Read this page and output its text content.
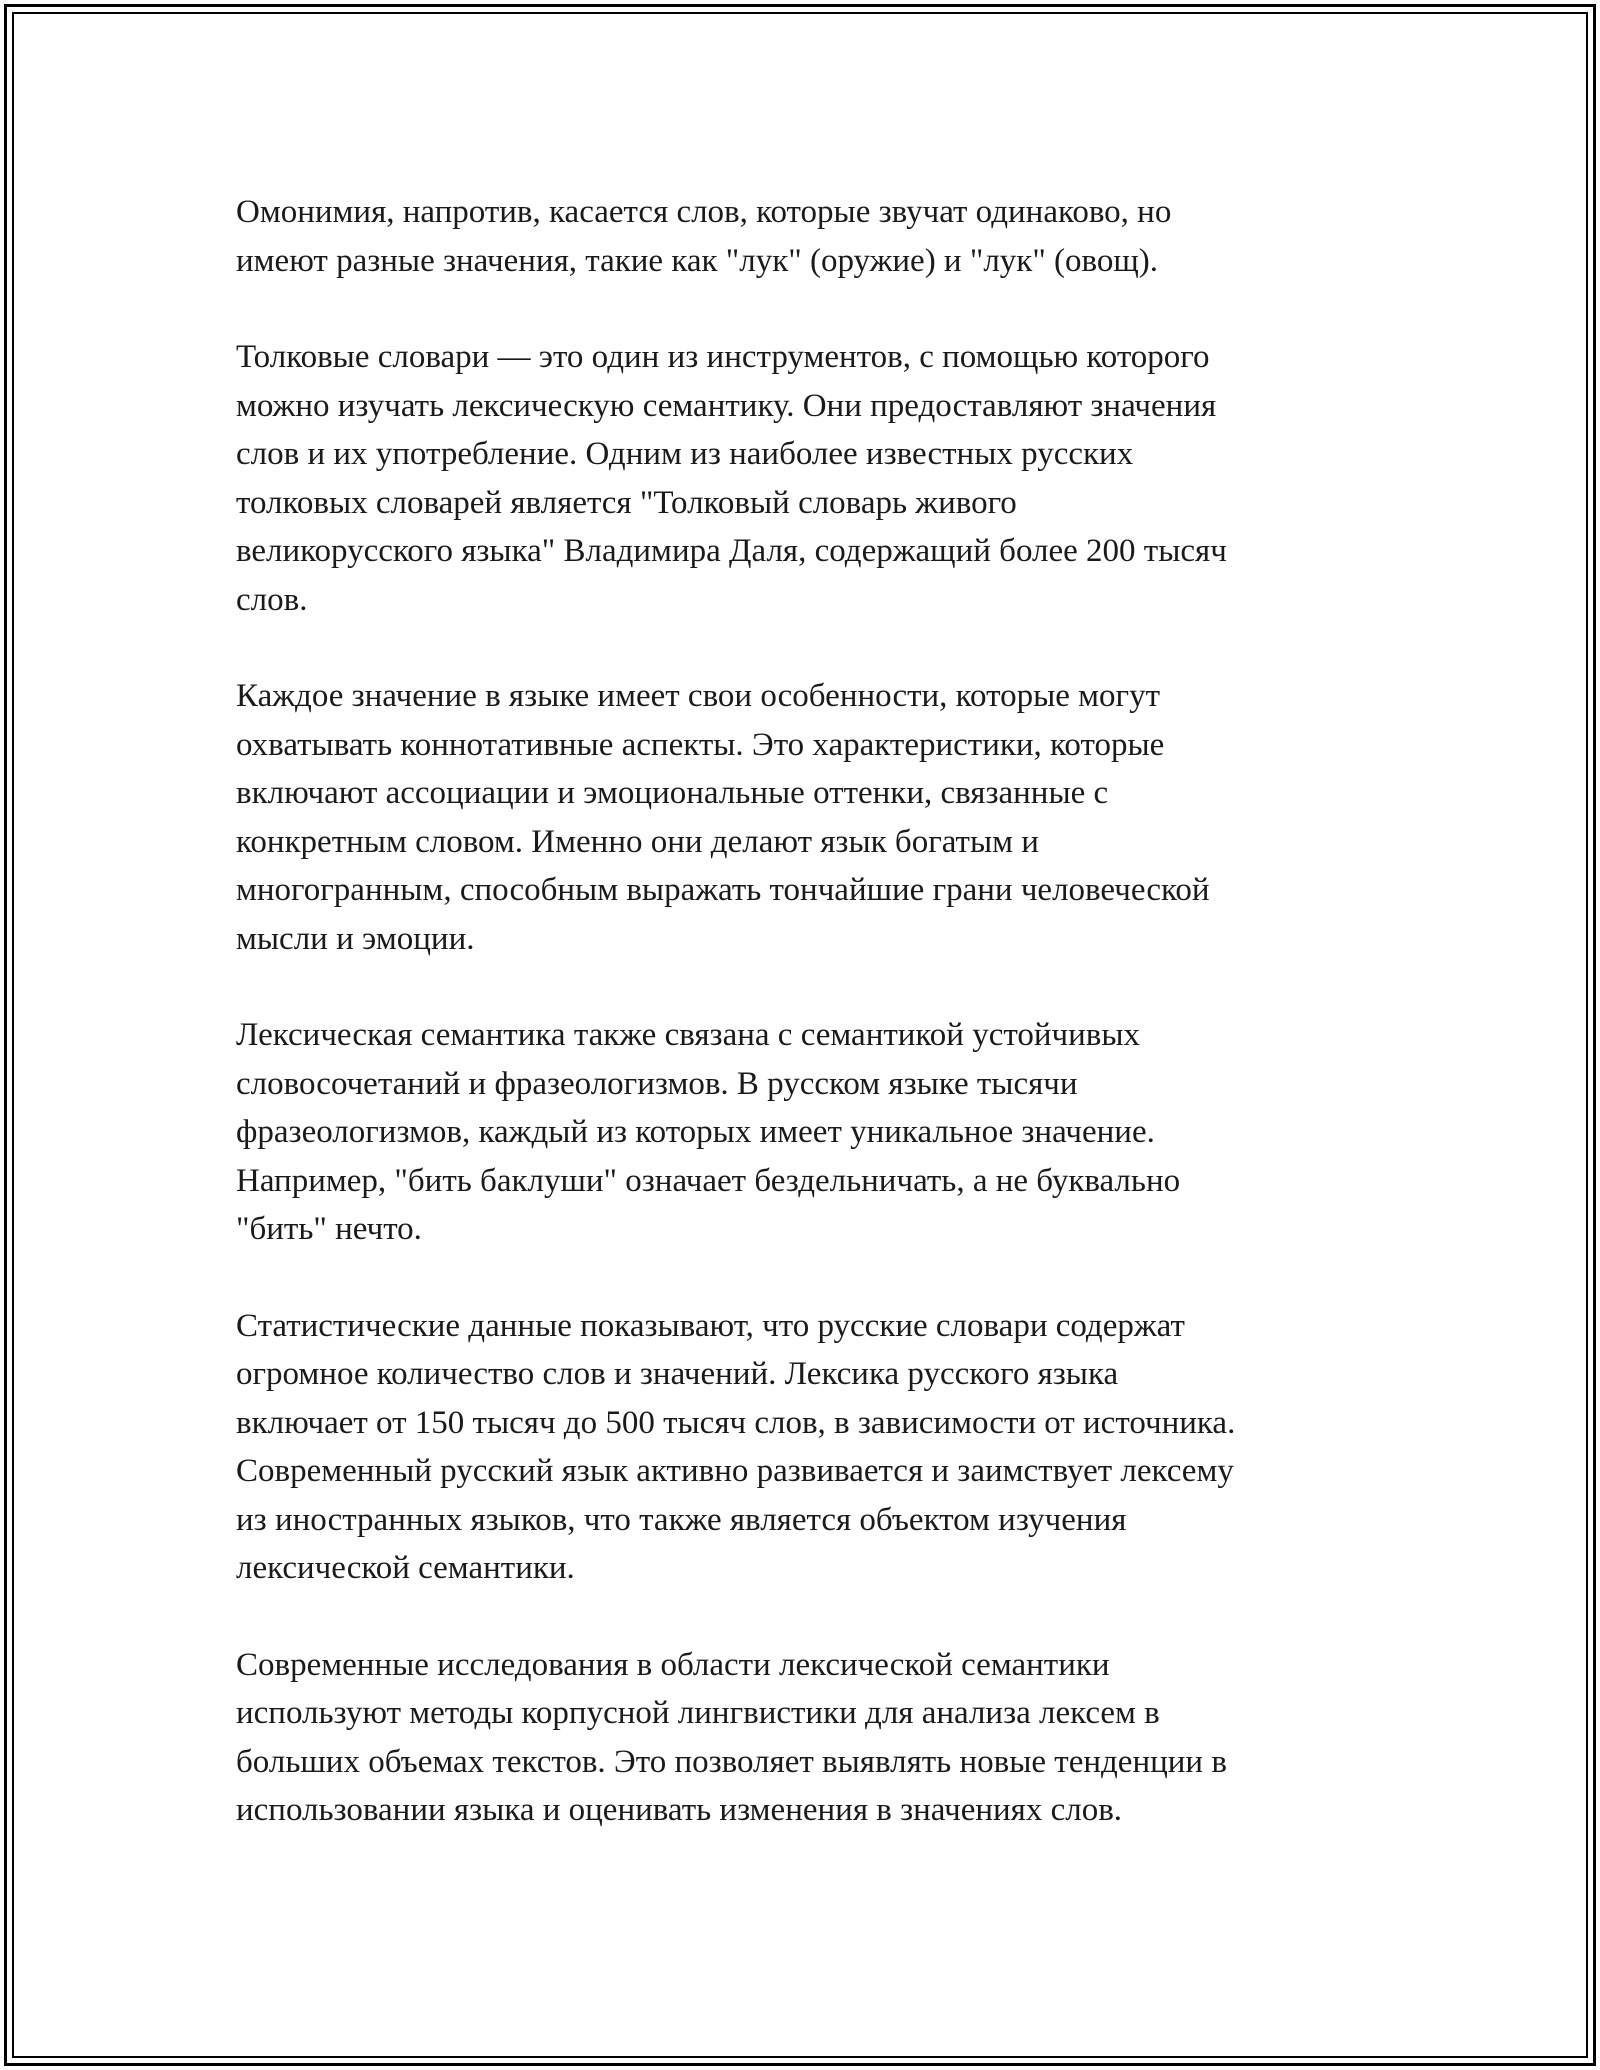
Омонимия, напротив, касается слов, которые звучат одинаково, но
имеют разные значения, такие как "лук" (оружие) и "лук" (овощ).

Толковые словари — это один из инструментов, с помощью которого
можно изучать лексическую семантику. Они предоставляют значения
слов и их употребление. Одним из наиболее известных русских
толковых словарей является "Толковый словарь живого
великорусского языка" Владимира Даля, содержащий более 200 тысяч
слов.

Каждое значение в языке имеет свои особенности, которые могут
охватывать коннотативные аспекты. Это характеристики, которые
включают ассоциации и эмоциональные оттенки, связанные с
конкретным словом. Именно они делают язык богатым и
многогранным, способным выражать тончайшие грани человеческой
мысли и эмоции.

Лексическая семантика также связана с семантикой устойчивых
словосочетаний и фразеологизмов. В русском языке тысячи
фразеологизмов, каждый из которых имеет уникальное значение.
Например, "бить баклуши" означает бездельничать, а не буквально
"бить" нечто.

Статистические данные показывают, что русские словари содержат
огромное количество слов и значений. Лексика русского языка
включает от 150 тысяч до 500 тысяч слов, в зависимости от источника.
Современный русский язык активно развивается и заимствует лексему
из иностранных языков, что также является объектом изучения
лексической семантики.

Современные исследования в области лексической семантики
используют методы корпусной лингвистики для анализа лексем в
больших объемах текстов. Это позволяет выявлять новые тенденции в
использовании языка и оценивать изменения в значениях слов.
